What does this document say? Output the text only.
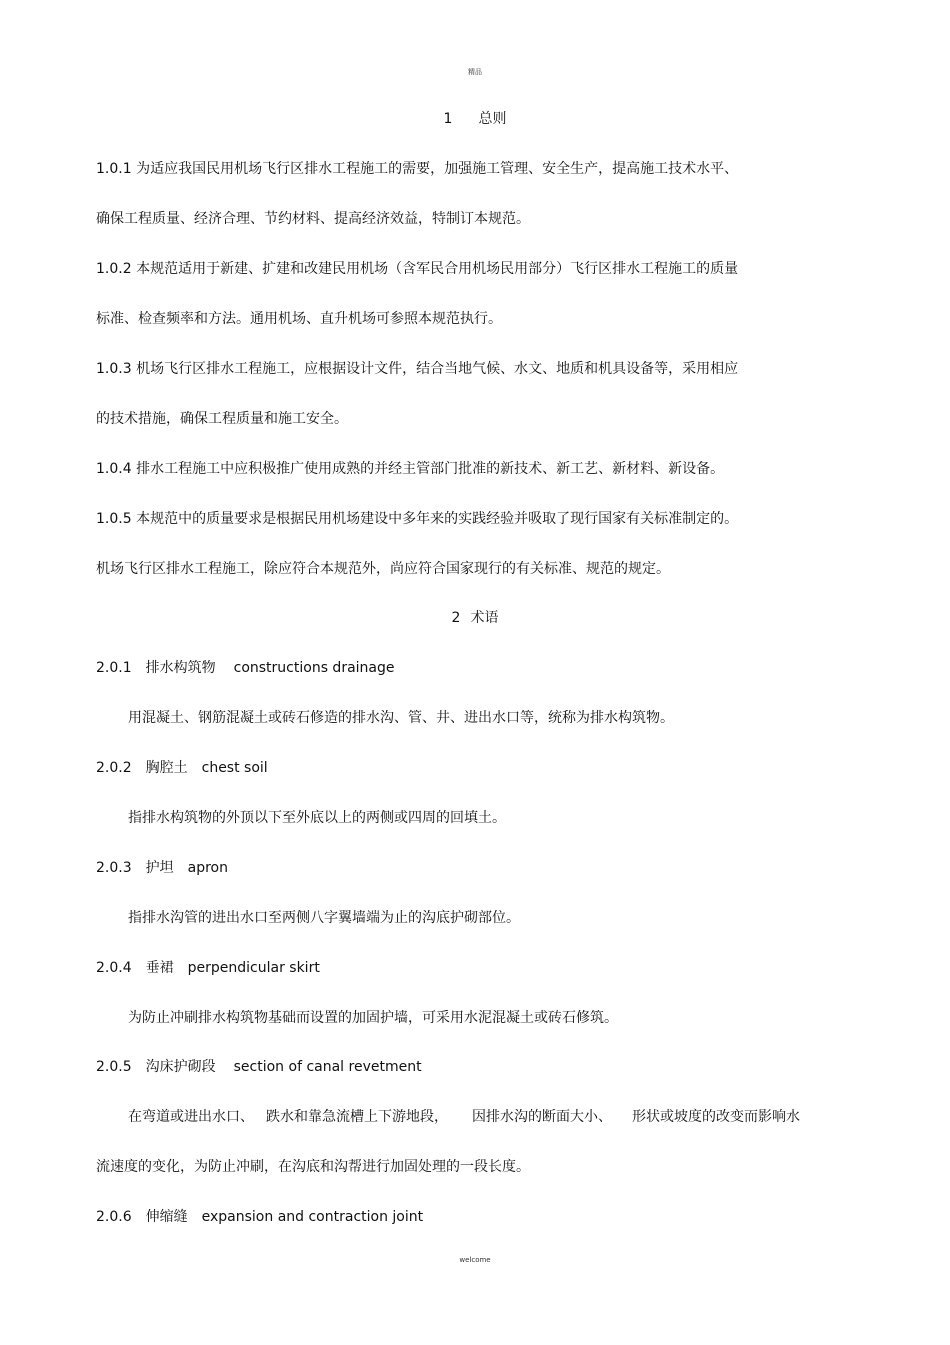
精品
1 总则
1.0.1 为适应我国民用机场飞行区排水工程施工的需要，加强施工管理、安全生产，提高施工技术水平、
确保工程质量、经济合理、节约材料、提高经济效益，特制订本规范。
1.0.2 本规范适用于新建、扩建和改建民用机场（含军民合用机场民用部分）飞行区排水工程施工的质量
标准、检查频率和方法。通用机场、直升机场可参照本规范执行。
1.0.3 机场飞行区排水工程施工，应根据设计文件，结合当地气候、水文、地质和机具设备等，采用相应
的技术措施，确保工程质量和施工安全。
1.0.4 排水工程施工中应积极推广使用成熟的并经主管部门批准的新技术、新工艺、新材料、新设备。
1.0.5 本规范中的质量要求是根据民用机场建设中多年来的实践经验并吸取了现行国家有关标准制定的。
机场飞行区排水工程施工，除应符合本规范外，尚应符合国家现行的有关标准、规范的规定。
2 术语
2.0.1 排水构筑物 constructions drainage
用混凝土、钢筋混凝土或砖石修造的排水沟、管、井、进出水口等，统称为排水构筑物。
2.0.2 胸腔土 chest soil
指排水构筑物的外顶以下至外底以上的两侧或四周的回填土。
2.0.3 护坦 apron
指排水沟管的进出水口至两侧八字翼墙端为止的沟底护砌部位。
2.0.4 垂裙 perpendicular skirt
为防止冲刷排水构筑物基础而设置的加固护墙，可采用水泥混凝土或砖石修筑。
2.0.5 沟床护砌段 section of canal revetment
在弯道或进出水口、 跌水和靠急流槽上下游地段， 因排水沟的断面大小、 形状或坡度的改变而影响水
流速度的变化，为防止冲刷，在沟底和沟帮进行加固处理的一段长度。
2.0.6 伸缩缝 expansion and contraction joint
welcome
